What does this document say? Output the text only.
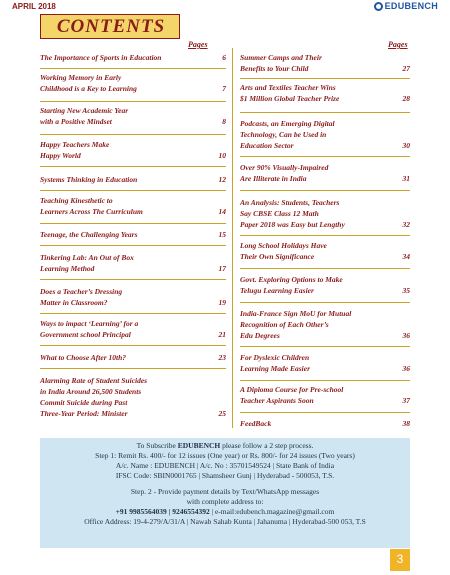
APRIL 2018	EDUBENCH
CONTENTS
Pages	Pages
The Importance of Sports in Education	6
Working Memory in Early
Childhood is a Key to Learning	7
Starting New Academic Year
with a Positive Mindset	8
Happy Teachers Make
Happy World	10
Systems Thinking in Education	12
Teaching Kinesthetic to
Learners Across The Curriculum	14
Teenage, the Challenging Years	15
Tinkering Lab: An Out of Box
Learning Method	17
Does a Teacher’s Dressing
Matter in Classroom?	19
Ways to impact ‘Learning’ for a
Government school Principal	21
What to Choose After 10th?	23
Alarming Rate of Student Suicides
in India Around 26,500 Students
Commit Suicide during Past
Three-Year Period: Minister	25
Summer Camps and Their
Benefits to Your Child	27
Arts and Textiles Teacher Wins
$1 Million Global Teacher Prize	28
Podcasts, an Emerging Digital
Technology, Can be Used in
Education Sector	30
Over 90% Visually-Impaired
Are Illiterate in India	31
An Analysis: Students, Teachers
Say CBSE Class 12 Math
Paper 2018 was Easy but Lengthy	32
Long School Holidays Have
Their Own Significance	34
Govt. Exploring Options to Make
Telugu Learning Easier	35
India-France Sign MoU for Mutual
Recognition of Each Other’s
Edu Degrees	36
For Dyslexic Children
Learning Made Easier	36
A Diploma Course for Pre-school
Teacher Aspirants Soon	37
FeedBack	38
To Subscribe EDUBENCH please follow a 2 step process.
Step 1: Remit Rs. 400/- for 12 issues (One year) or Rs. 800/- for 24 issues (Two years)
A/c. Name : EDUBENCH | A/c. No : 35701549524 | State Bank of India
IFSC Code: SBIN0001765 | Shamsheer Gunj | Hyderabad - 500053, T.S.
Step. 2 - Provide payment details by Text/WhatsApp messages
with complete address to:
+91 9985564039 | 9246554392 | e-mail:edubench.magazine@gmail.com
Office Address: 19-4-279/A/31/A | Nawab Sahab Kunta | Jahanuma | Hyderabad-500 053, T.S
3
